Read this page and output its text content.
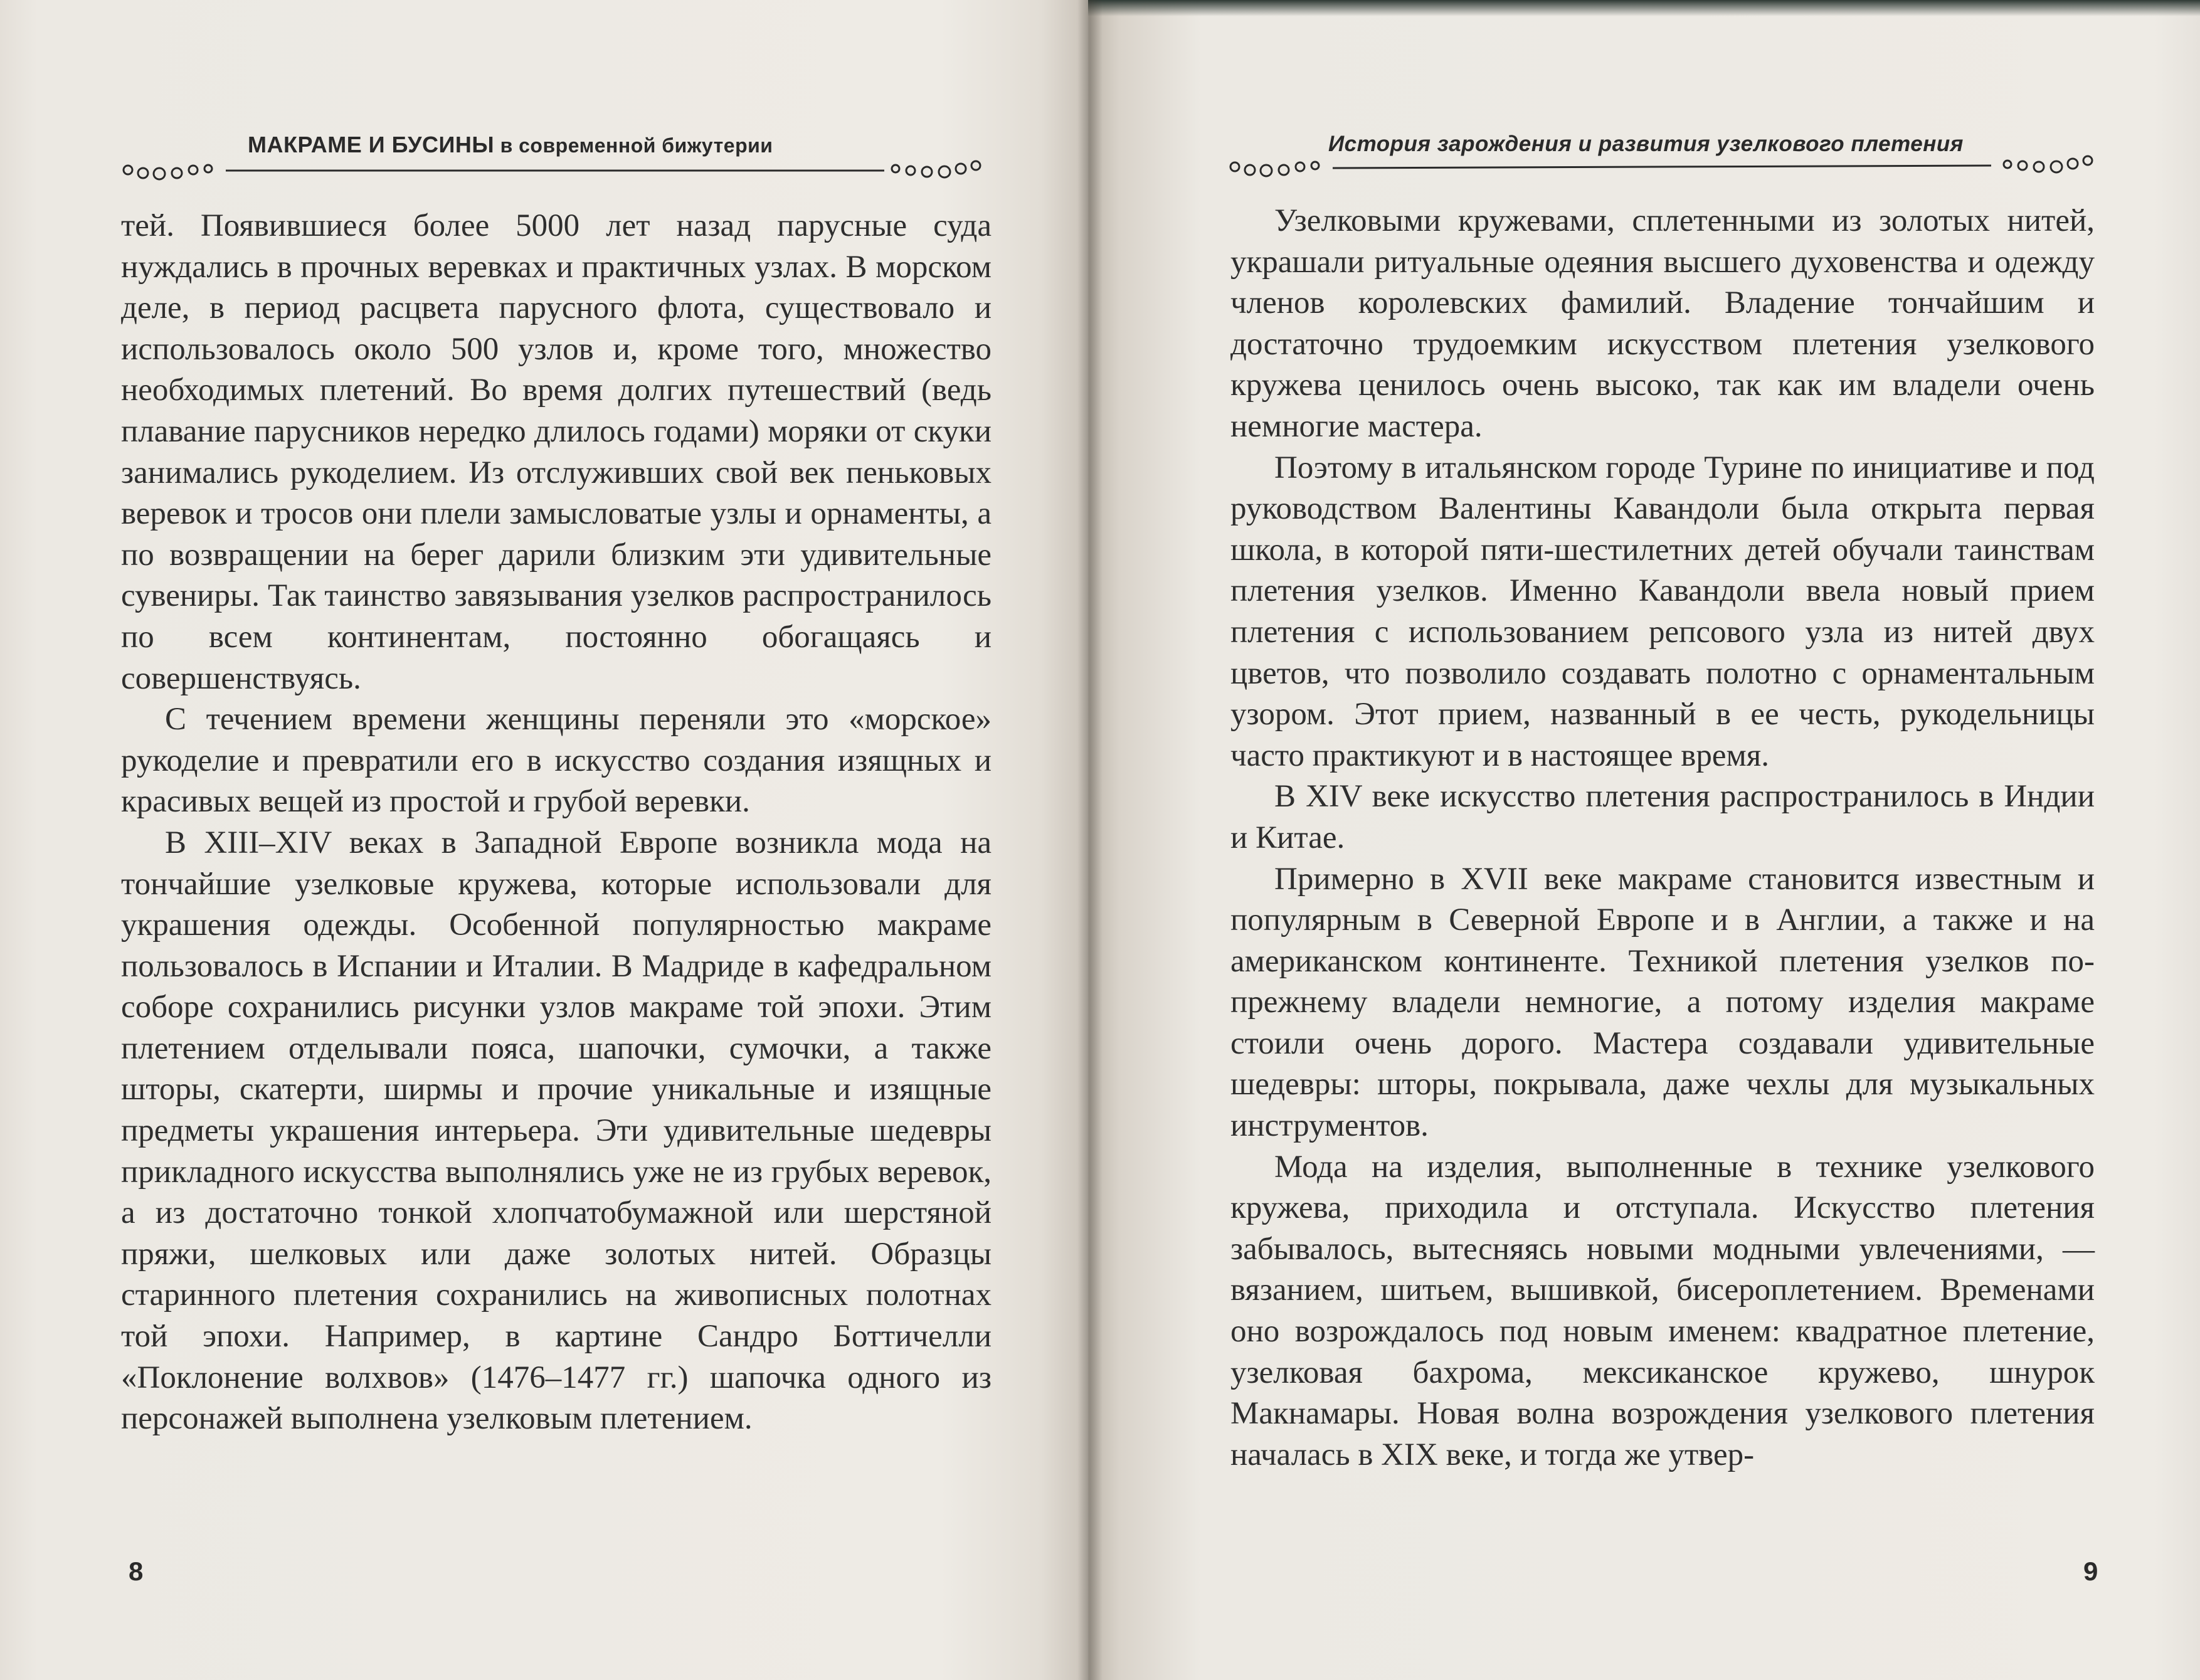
МАКРАМЕ И БУСИНЫ в современной бижутерии

тей. Появившиеся более 5000 лет назад парусные суда нуждались в прочных веревках и практичных узлах. В морском деле, в период расцвета парусного флота, существовало и использовалось около 500 узлов и, кроме того, множество необходимых плетений. Во время долгих путешествий (ведь плавание парусников нередко длилось годами) моряки от скуки занимались рукоделием. Из отслуживших свой век пеньковых веревок и тросов они плели замысловатые узлы и орнаменты, а по возвращении на берег дарили близким эти удивительные сувениры. Так таинство завязывания узелков распространилось по всем континентам, постоянно обогащаясь и совершенствуясь.

С течением времени женщины переняли это «морское» рукоделие и превратили его в искусство создания изящных и красивых вещей из простой и грубой веревки.

В XIII–XIV веках в Западной Европе возникла мода на тончайшие узелковые кружева, которые использовали для украшения одежды. Особенной популярностью макраме пользовалось в Испании и Италии. В Мадриде в кафедральном соборе сохранились рисунки узлов макраме той эпохи. Этим плетением отделывали пояса, шапочки, сумочки, а также шторы, скатерти, ширмы и прочие уникальные и изящные предметы украшения интерьера. Эти удивительные шедевры прикладного искусства выполнялись уже не из грубых веревок, а из достаточно тонкой хлопчатобумажной или шерстяной пряжи, шелковых или даже золотых нитей. Образцы старинного плетения сохранились на живописных полотнах той эпохи. Например, в картине Сандро Боттичелли «Поклонение волхвов» (1476–1477 гг.) шапочка одного из персонажей выполнена узелковым плетением.

8
История зарождения и развития узелкового плетения

Узелковыми кружевами, сплетенными из золотых нитей, украшали ритуальные одеяния высшего духовенства и одежду членов королевских фамилий. Владение тончайшим и достаточно трудоемким искусством плетения узелкового кружева ценилось очень высоко, так как им владели очень немногие мастера.

Поэтому в итальянском городе Турине по инициативе и под руководством Валентины Кавандоли была открыта первая школа, в которой пяти-шестилетних детей обучали таинствам плетения узелков. Именно Кавандоли ввела новый прием плетения с использованием репсового узла из нитей двух цветов, что позволило создавать полотно с орнаментальным узором. Этот прием, названный в ее честь, рукодельницы часто практикуют и в настоящее время.

В XIV веке искусство плетения распространилось в Индии и Китае.

Примерно в XVII веке макраме становится известным и популярным в Северной Европе и в Англии, а также и на американском континенте. Техникой плетения узелков по-прежнему владели немногие, а потому изделия макраме стоили очень дорого. Мастера создавали удивительные шедевры: шторы, покрывала, даже чехлы для музыкальных инструментов.

Мода на изделия, выполненные в технике узелкового кружева, приходила и отступала. Искусство плетения забывалось, вытесняясь новыми модными увлечениями, — вязанием, шитьем, вышивкой, бисероплетением. Временами оно возрождалось под новым именем: квадратное плетение, узелковая бахрома, мексиканское кружево, шнурок Макнамары. Новая волна возрождения узелкового плетения началась в XIX веке, и тогда же утвер-

9
